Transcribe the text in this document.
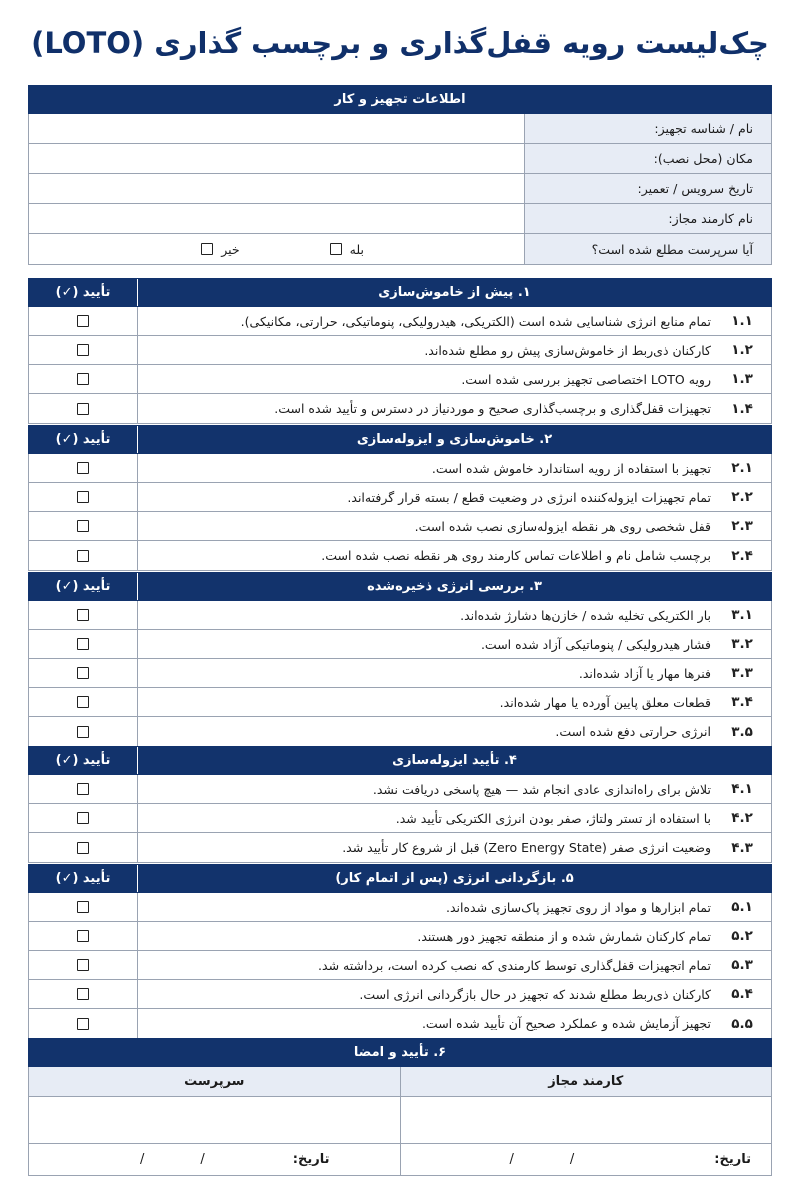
چک‌لیست رویه قفل‌گذاری و برچسب گذاری (LOTO)
اطلاعات تجهیز و کار
نام / شناسه تجهیز:
مکان (محل نصب):
تاریخ سرویس / تعمیر:
نام کارمند مجاز:
آیا سرپرست مطلع شده است؟
بله
خیر
۱. پیش از خاموش‌سازی
تأیید (✓)
۱.۱
تمام منابع انرژی شناسایی شده است (الکتریکی، هیدرولیکی، پنوماتیکی، حرارتی، مکانیکی).
۱.۲
کارکنان ذی‌ربط از خاموش‌سازی پیش رو مطلع شده‌اند.
۱.۳
رویه LOTO اختصاصی تجهیز بررسی شده است.
۱.۴
تجهیزات قفل‌گذاری و برچسب‌گذاری صحیح و موردنیاز در دسترس و تأیید شده است.
۲. خاموش‌سازی و ایزوله‌سازی
تأیید (✓)
۲.۱
تجهیز با استفاده از رویه استاندارد خاموش شده است.
۲.۲
تمام تجهیزات ایزوله‌کننده انرژی در وضعیت قطع / بسته قرار گرفته‌اند.
۲.۳
قفل شخصی روی هر نقطه ایزوله‌سازی نصب شده است.
۲.۴
برچسب شامل نام و اطلاعات تماس کارمند روی هر نقطه نصب شده است.
۳. بررسی انرژی ذخیره‌شده
تأیید (✓)
۳.۱
بار الکتریکی تخلیه شده / خازن‌ها دشارژ شده‌اند.
۳.۲
فشار هیدرولیکی / پنوماتیکی آزاد شده است.
۳.۳
فنرها مهار یا آزاد شده‌اند.
۳.۴
قطعات معلق پایین آورده یا مهار شده‌اند.
۳.۵
انرژی حرارتی دفع شده است.
۴. تأیید ایزوله‌سازی
تأیید (✓)
۴.۱
تلاش برای راه‌اندازی عادی انجام شد — هیچ پاسخی دریافت نشد.
۴.۲
با استفاده از تستر ولتاژ، صفر بودن انرژی الکتریکی تأیید شد.
۴.۳
وضعیت انرژی صفر (Zero Energy State) قبل از شروع کار تأیید شد.
۵. بازگردانی انرژی (پس از اتمام کار)
تأیید (✓)
۵.۱
تمام ابزارها و مواد از روی تجهیز پاک‌سازی شده‌اند.
۵.۲
تمام کارکنان شمارش شده و از منطقه تجهیز دور هستند.
۵.۳
تمام اتجهیزات قفل‌گذاری توسط کارمندی که نصب کرده است، برداشته شد.
۵.۴
کارکنان ذی‌ربط مطلع شدند که تجهیز در حال بازگردانی انرژی است.
۵.۵
تجهیز آزمایش شده و عملکرد صحیح آن تأیید شده است.
۶. تأیید و امضا
کارمند مجاز
سرپرست
تاریخ:
/
/
تاریخ:
/
/
